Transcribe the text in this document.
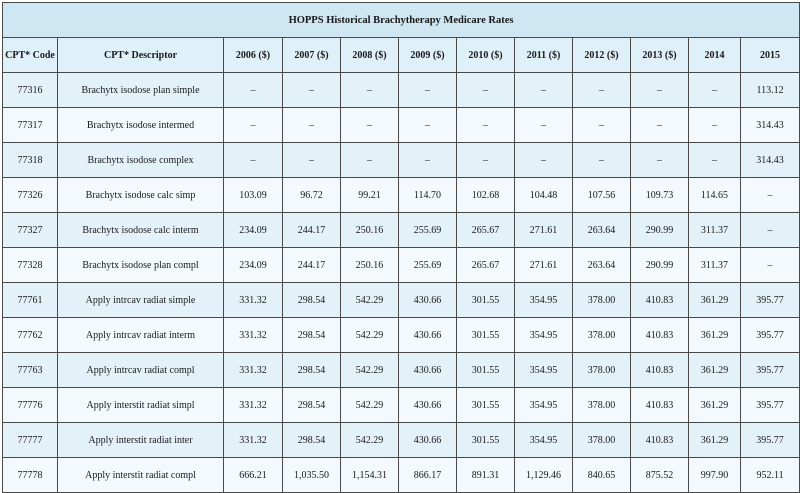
HOPPS Historical Brachytherapy Medicare Rates											
CPT* Code	CPT* Descriptor	2006 ($)	2007 ($)	2008 ($)	2009 ($)	2010 ($)	2011 ($)	2012 ($)	2013 ($)	2014	2015
77316	Brachytx isodose plan simple	–	–	–	–	–	–	–	–	–	113.12
77317	Brachytx isodose intermed	–	–	–	–	–	–	–	–	–	314.43
77318	Brachytx isodose complex	–	–	–	–	–	–	–	–	–	314.43
77326	Brachytx isodose calc simp	103.09	96.72	99.21	114.70	102.68	104.48	107.56	109.73	114.65	–
77327	Brachytx isodose calc interm	234.09	244.17	250.16	255.69	265.67	271.61	263.64	290.99	311.37	–
77328	Brachytx isodose plan compl	234.09	244.17	250.16	255.69	265.67	271.61	263.64	290.99	311.37	–
77761	Apply intrcav radiat simple	331.32	298.54	542.29	430.66	301.55	354.95	378.00	410.83	361.29	395.77
77762	Apply intrcav radiat interm	331.32	298.54	542.29	430.66	301.55	354.95	378.00	410.83	361.29	395.77
77763	Apply intrcav radiat compl	331.32	298.54	542.29	430.66	301.55	354.95	378.00	410.83	361.29	395.77
77776	Apply interstit radiat simpl	331.32	298.54	542.29	430.66	301.55	354.95	378.00	410.83	361.29	395.77
77777	Apply interstit radiat inter	331.32	298.54	542.29	430.66	301.55	354.95	378.00	410.83	361.29	395.77
77778	Apply interstit radiat compl	666.21	1,035.50	1,154.31	866.17	891.31	1,129.46	840.65	875.52	997.90	952.11
